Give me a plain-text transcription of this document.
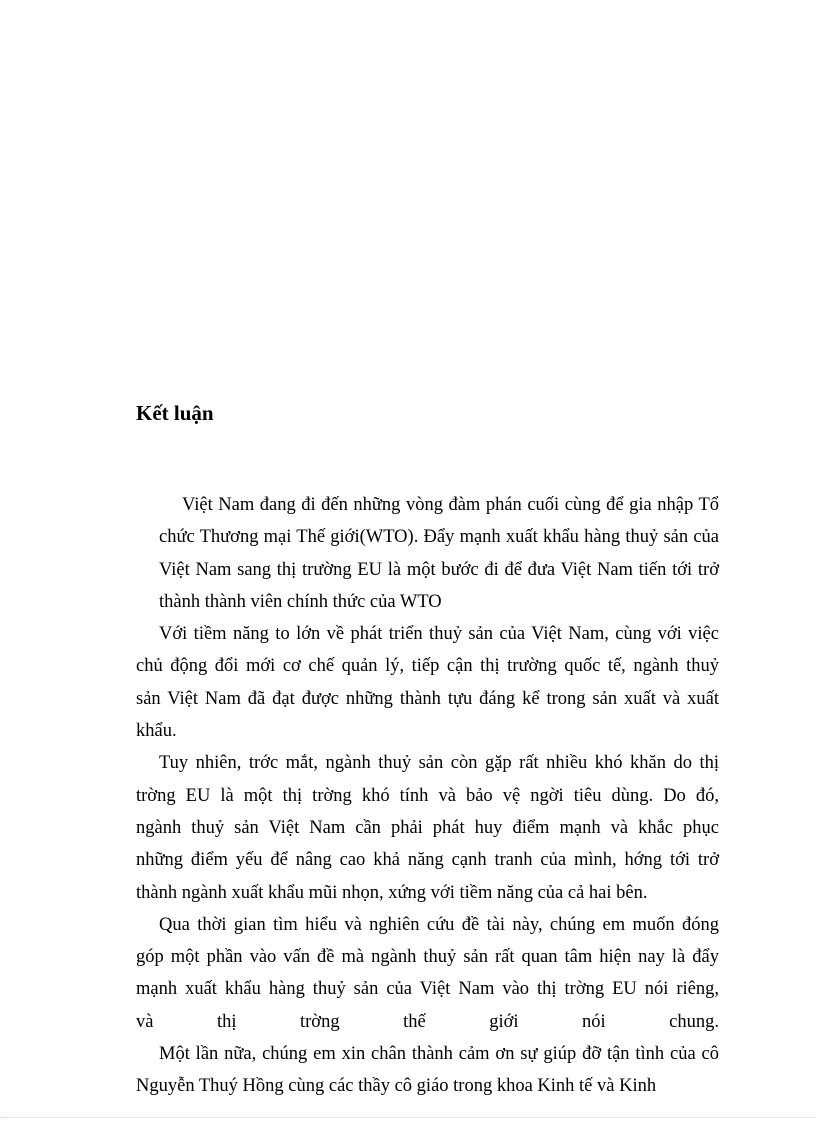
Kết luận

Việt Nam đang đi đến những vòng đàm phán cuối cùng để gia nhập Tổ
chức Thương mại Thế giới(WTO). Đẩy mạnh xuất khẩu hàng thuỷ sản của
Việt Nam sang thị trường EU là một bước đi để đưa Việt Nam tiến tới trở
thành thành viên chính thức của WTO

Với tiềm năng to lớn về phát triển thuỷ sản của Việt Nam, cùng với việc
chủ động đổi mới cơ chế quản lý, tiếp cận thị trường quốc tế, ngành thuỷ
sản Việt Nam đã đạt được những thành tựu đáng kể trong sản xuất và xuất
khẩu.

Tuy nhiên, trớc mắt, ngành thuỷ sản còn gặp rất nhiều khó khăn do thị
trờng EU là một thị trờng khó tính và bảo vệ ngời tiêu dùng. Do đó,
ngành thuỷ sản Việt Nam cần phải phát huy điểm mạnh và khắc phục
những điểm yếu để nâng cao khả năng cạnh tranh của mình, hớng tới trở
thành ngành xuất khẩu mũi nhọn, xứng với tiềm năng của cả hai bên.

Qua thời gian tìm hiểu và nghiên cứu đề tài này, chúng em muốn đóng
góp một phần vào vấn đề mà ngành thuỷ sản rất quan tâm hiện nay là đẩy
mạnh xuất khẩu hàng thuỷ sản của Việt Nam vào thị trờng EU nói riêng,
và thị trờng thế giới nói chung.

Một lần nữa, chúng em xin chân thành cảm ơn sự giúp đỡ tận tình của cô
Nguyễn Thuý Hồng cùng các thầy cô giáo trong khoa Kinh tế và Kinh
